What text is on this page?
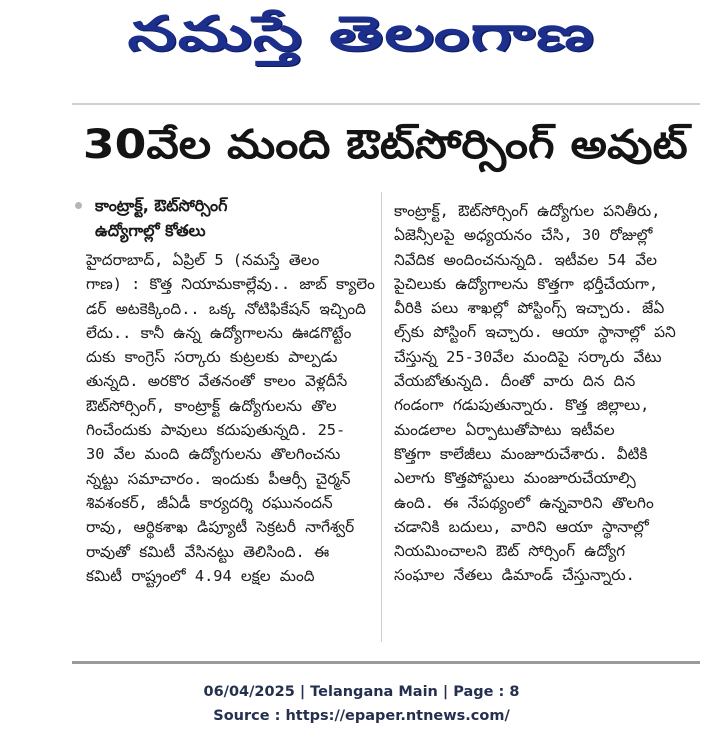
నమస్తే తెలంగాణ
30వేల మంది ఔట్‌సోర్సింగ్ అవుట్
కాంట్రాక్ట్, ఔట్‌సోర్సింగ్
ఉద్యోగాల్లో కోతలు
హైదరాబాద్, ఏప్రిల్ 5 (నమస్తే తెలం
గాణ) : కొత్త నియామకాల్లేవు.. జాబ్ క్యాలెం
డర్ అటకెక్కింది.. ఒక్క నోటిఫికేషన్ ఇచ్చింది
లేదు.. కానీ ఉన్న ఉద్యోగాలను ఊడగొట్టేం
దుకు కాంగ్రెస్ సర్కారు కుట్రలకు పాల్పడు
తున్నది. అరకొర వేతనంతో కాలం వెళ్లదీసే
ఔట్‌సోర్సింగ్, కాంట్రాక్ట్ ఉద్యోగులను తొల
గించేందుకు పావులు కదుపుతున్నది. 25-
30 వేల మంది ఉద్యోగులను తొలగించను
న్నట్టు సమాచారం. ఇందుకు పీఆర్సీ చైర్మన్
శివశంకర్, జీఏడీ కార్యదర్శి రఘునందన్
రావు, ఆర్థికశాఖ డిప్యూటీ సెక్రటరీ నాగేశ్వర్
రావుతో కమిటీ వేసినట్టు తెలిసింది. ఈ
కమిటీ రాష్ట్రంలో 4.94 లక్షల మంది
కాంట్రాక్ట్, ఔట్‌సోర్సింగ్ ఉద్యోగుల పనితీరు,
ఏజెన్సీలపై అధ్యయనం చేసి, 30 రోజుల్లో
నివేదిక అందించనున్నది. ఇటీవల 54 వేల
పైచిలుకు ఉద్యోగాలను కొత్తగా భర్తీచేయగా,
వీరికి పలు శాఖల్లో పోస్టింగ్స్ ఇచ్చారు. జేఏ
ల్స్‌కు పోస్టింగ్ ఇచ్చారు. ఆయా స్థానాల్లో పని
చేస్తున్న 25-30వేల మందిపై సర్కారు వేటు
వేయబోతున్నది. దీంతో వారు దిన దిన
గండంగా గడుపుతున్నారు. కొత్త జిల్లాలు,
మండలాల ఏర్పాటుతోపాటు ఇటీవల
కొత్తగా కాలేజీలు మంజూరుచేశారు. వీటికి
ఎలాగు కొత్తపోస్టులు మంజూరుచేయాల్సి
ఉంది. ఈ నేపథ్యంలో ఉన్నవారిని తొలగిం
చడానికి బదులు, వారిని ఆయా స్థానాల్లో
నియమించాలని ఔట్ సోర్సింగ్ ఉద్యోగ
సంఘాల నేతలు డిమాండ్ చేస్తున్నారు.
06/04/2025 | Telangana Main | Page : 8
Source : https://epaper.ntnews.com/
